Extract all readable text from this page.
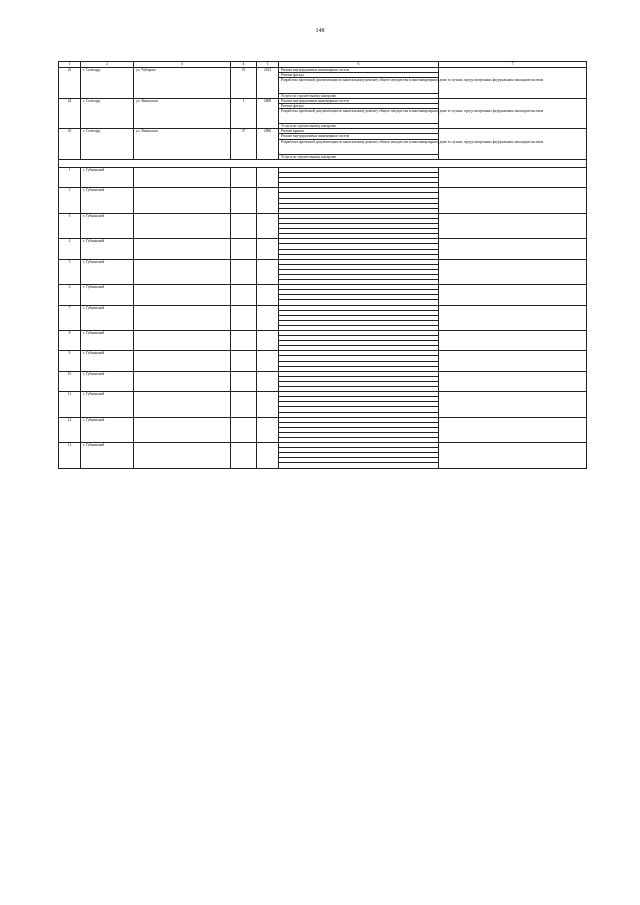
148
1	2	3	4	5	6	7
23	г. Салехард	ул. Чубарова	10	2013	Ремонт внутридомовых инженерных систем	
					Ремонт фасада	
					Разработка проектной документации по капитальному ремонту общего имущества в многоквартирном доме в случаях, предусмотренных федеральным законодательством	
					Услуги по строительному контролю	
24	г. Салехард	ул. Ямальская	1	2008	Ремонт внутридомовых инженерных систем	
					Ремонт фасада	
					Разработка проектной документации по капитальному ремонту общего имущества в многоквартирном доме в случаях, предусмотренных федеральным законодательством	
					Услуги по строительному контролю	
25	г. Салехард	ул. Ямальская	37	2006	Ремонт крыши	
					Ремонт внутридомовых инженерных систем	
					Разработка проектной документации по капитальному ремонту общего имущества в многоквартирном доме в случаях, предусмотренных федеральным законодательством	
					Услуги по строительному контролю	

1	г. Губкинский					

2	г. Губкинский					

3	г. Губкинский					

4	г. Губкинский					

5	г. Губкинский					

6	г. Губкинский					

7	г. Губкинский					

8	г. Губкинский					

9	г. Губкинский					

10	г. Губкинский					

11	г. Губкинский					

12	г. Губкинский					

13	г. Губкинский					
